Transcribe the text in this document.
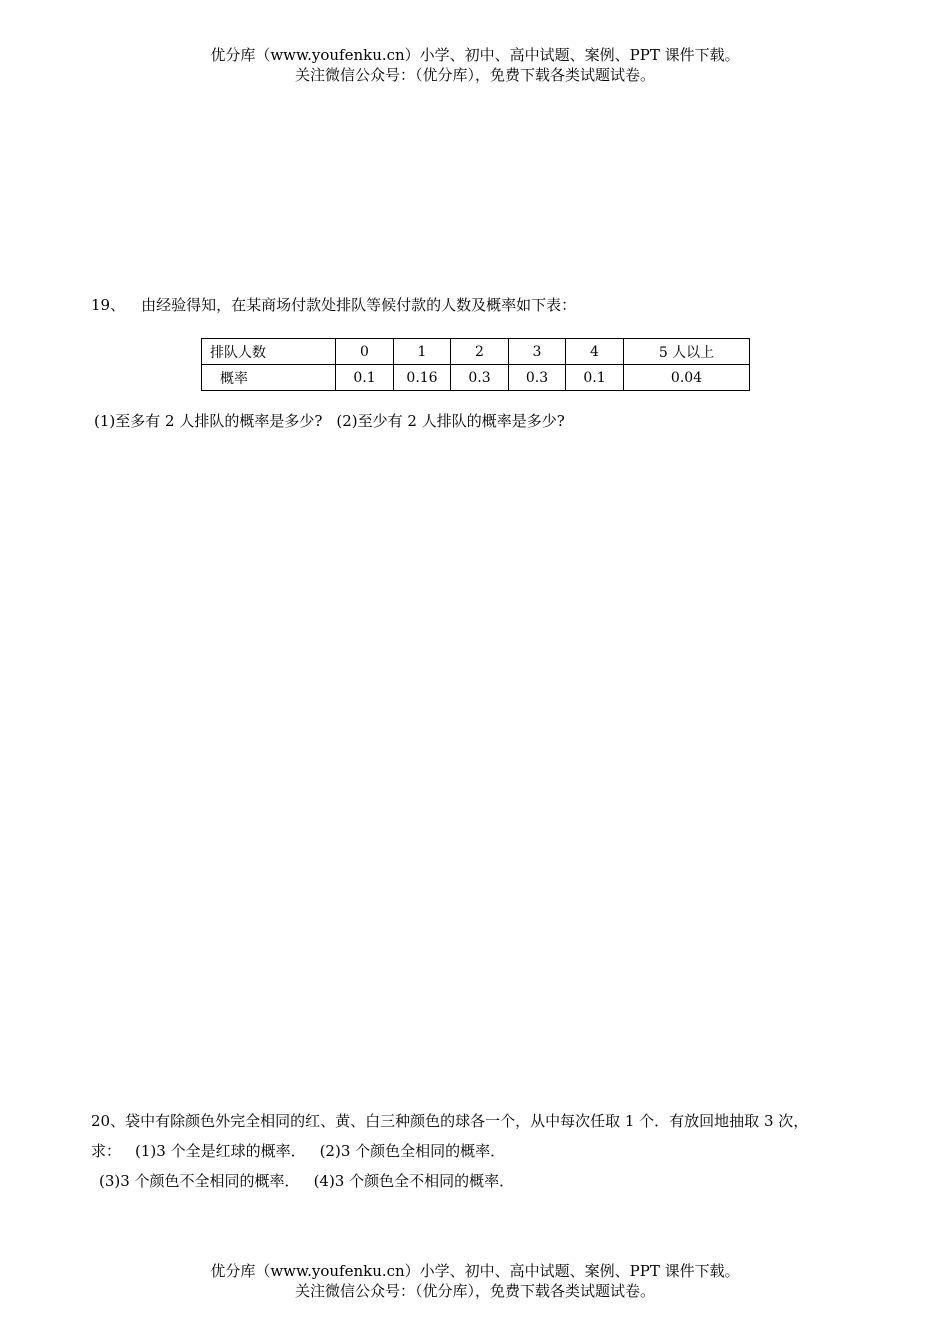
优分库（www.youfenku.cn）小学、初中、高中试题、案例、PPT 课件下载。
关注微信公众号：（优分库），免费下载各类试题试卷。
19、 由经验得知，在某商场付款处排队等候付款的人数及概率如下表：
排队人数	0	1	2	3	4	5 人以上
概率	0.1	0.16	0.3	0.3	0.1	0.04
(1)至多有 2 人排队的概率是多少? (2)至少有 2 人排队的概率是多少?
20、袋中有除颜色外完全相同的红、黄、白三种颜色的球各一个，从中每次任取 1 个．有放回地抽取 3 次，
求： (1)3 个全是红球的概率． (2)3 个颜色全相同的概率．
(3)3 个颜色不全相同的概率． (4)3 个颜色全不相同的概率．
优分库（www.youfenku.cn）小学、初中、高中试题、案例、PPT 课件下载。
关注微信公众号：（优分库），免费下载各类试题试卷。
